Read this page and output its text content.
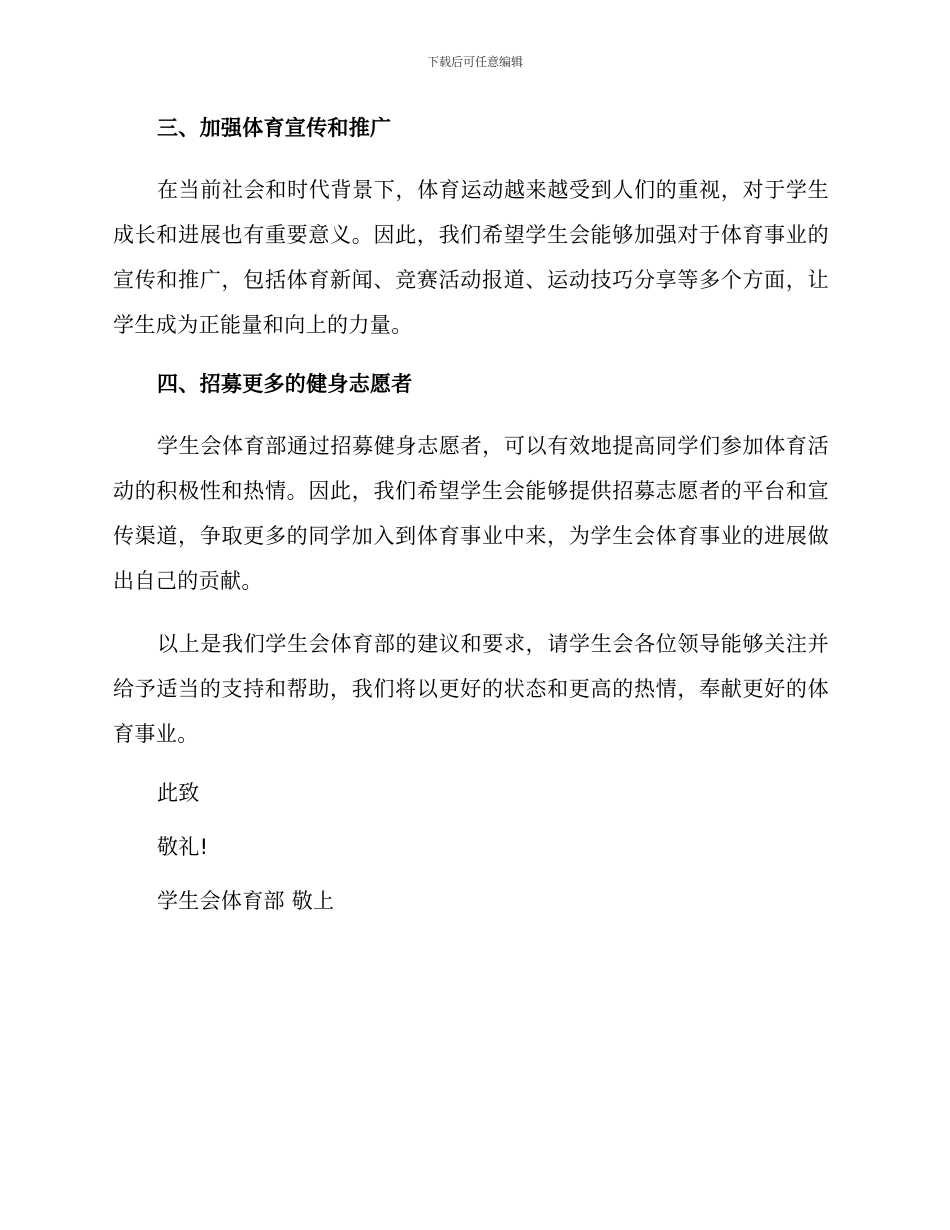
下载后可任意编辑
三、加强体育宣传和推广

在当前社会和时代背景下，体育运动越来越受到人们的重视，对于学生成长和进展也有重要意义。因此，我们希望学生会能够加强对于体育事业的宣传和推广，包括体育新闻、竞赛活动报道、运动技巧分享等多个方面，让学生成为正能量和向上的力量。

四、招募更多的健身志愿者

学生会体育部通过招募健身志愿者，可以有效地提高同学们参加体育活动的积极性和热情。因此，我们希望学生会能够提供招募志愿者的平台和宣传渠道，争取更多的同学加入到体育事业中来，为学生会体育事业的进展做出自己的贡献。

以上是我们学生会体育部的建议和要求，请学生会各位领导能够关注并给予适当的支持和帮助，我们将以更好的状态和更高的热情，奉献更好的体育事业。

此致
敬礼!
学生会体育部 敬上
